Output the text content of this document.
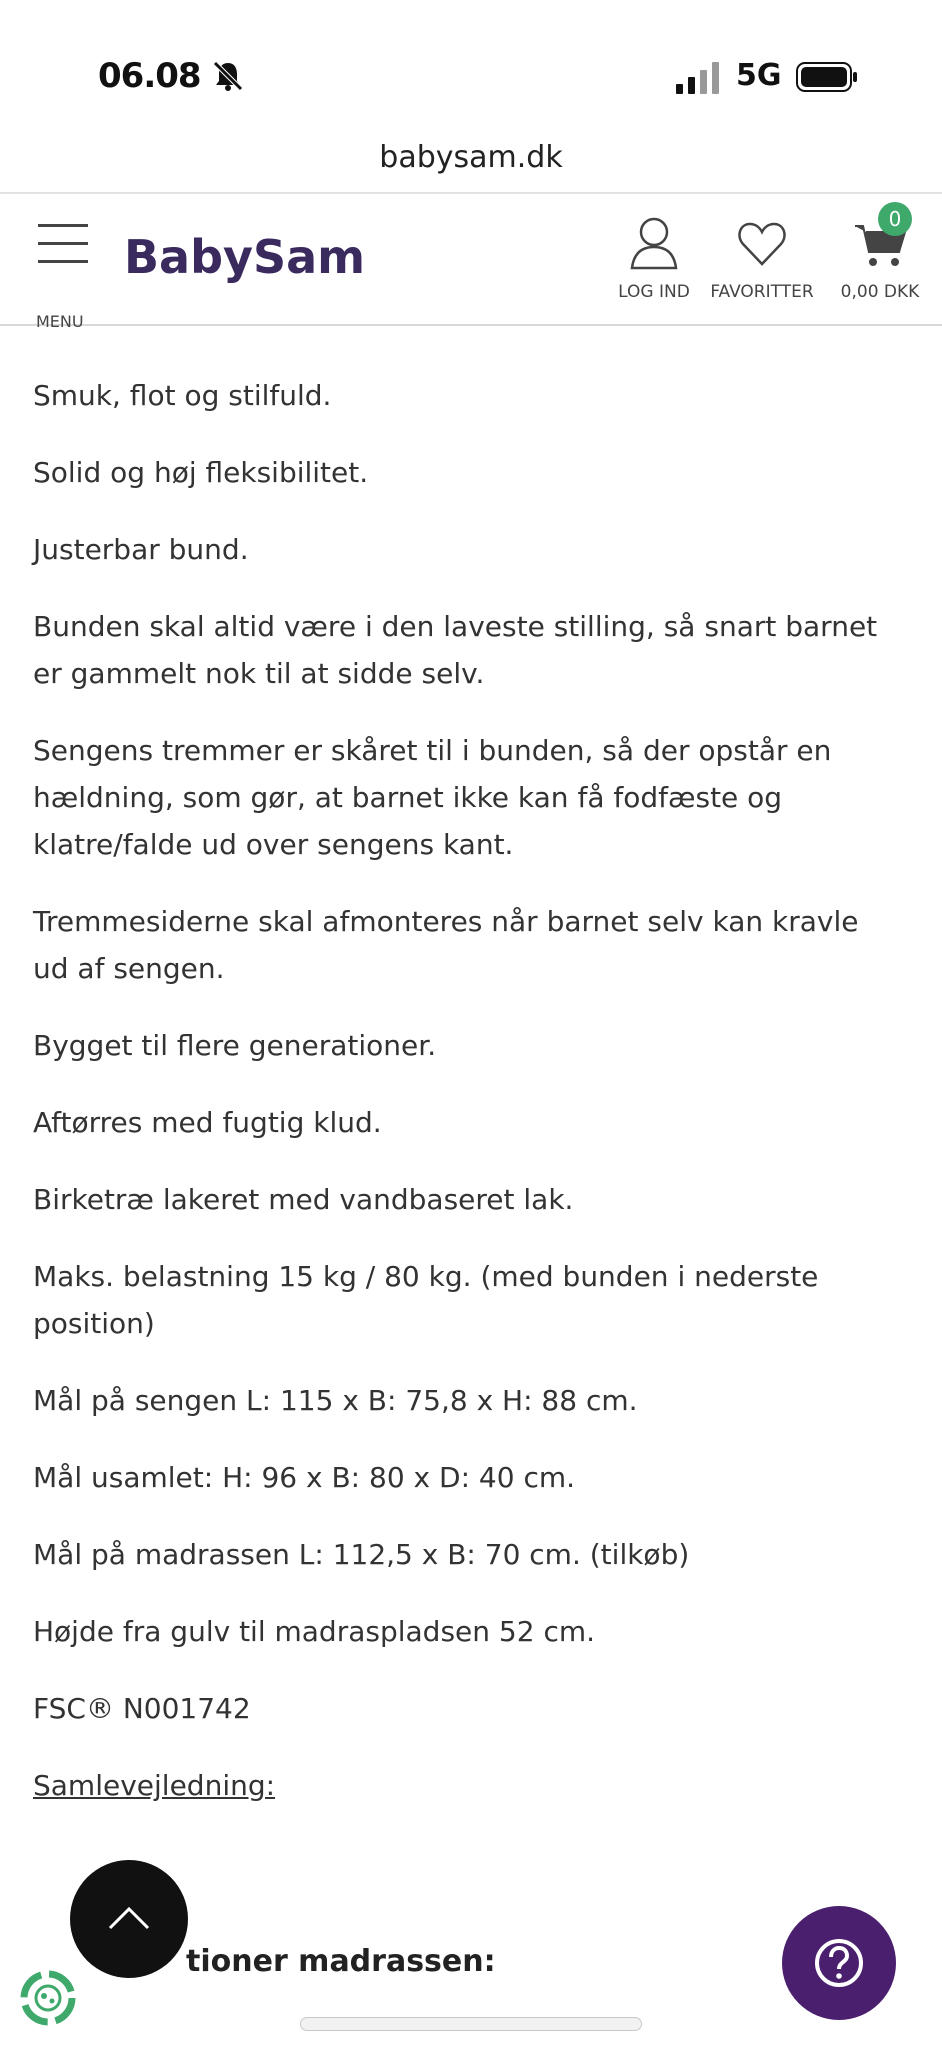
06.08	5G
babysam.dk
MENU
BabySam
LOG IND	FAVORITTER	0,00 DKK
0

Smuk, flot og stilfuld.

Solid og høj fleksibilitet.

Justerbar bund.

Bunden skal altid være i den laveste stilling, så snart barnet er gammelt nok til at sidde selv.

Sengens tremmer er skåret til i bunden, så der opstår en hældning, som gør, at barnet ikke kan få fodfæste og klatre/falde ud over sengens kant.

Tremmesiderne skal afmonteres når barnet selv kan kravle ud af sengen.

Bygget til flere generationer.

Aftørres med fugtig klud.

Birketræ lakeret med vandbaseret lak.

Maks. belastning 15 kg / 80 kg. (med bunden i nederste position)

Mål på sengen L: 115 x B: 75,8 x H: 88 cm.

Mål usamlet: H: 96 x B: 80 x D: 40 cm.

Mål på madrassen L: 112,5 x B: 70 cm. (tilkøb)

Højde fra gulv til madraspladsen 52 cm.

FSC® N001742

Samlevejledning:

tioner madrassen:
